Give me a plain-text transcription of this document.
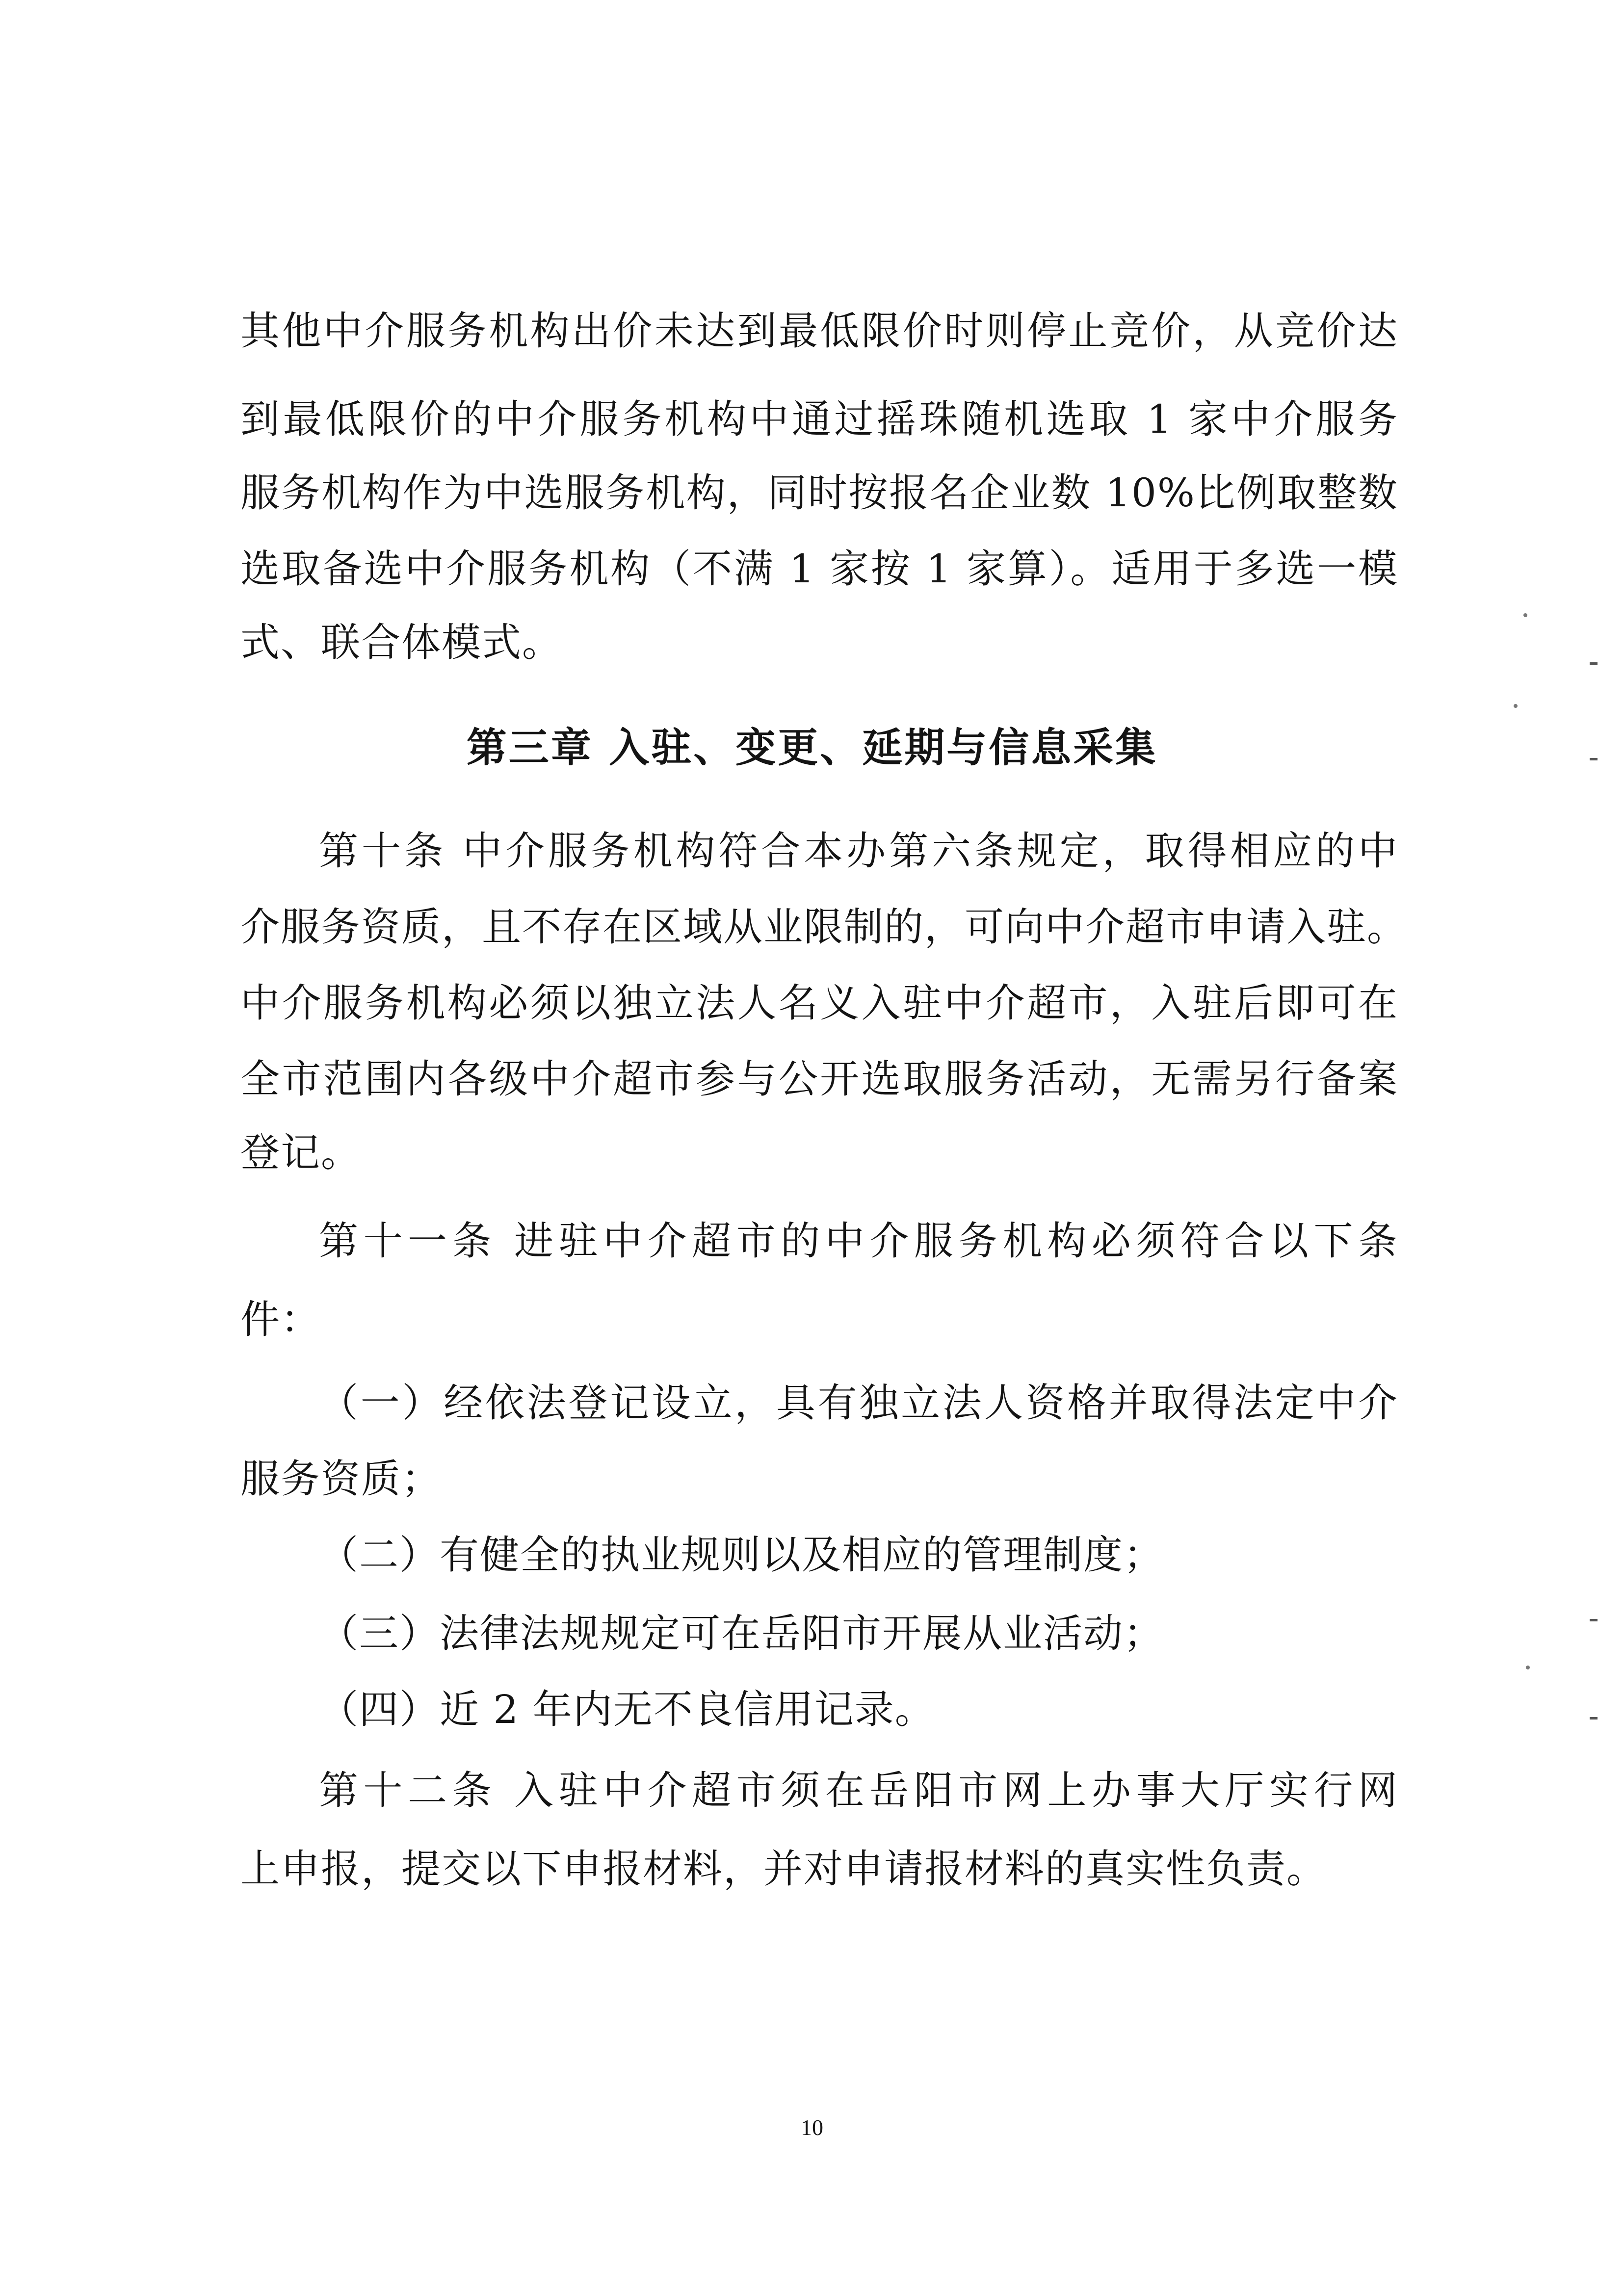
其他中介服务机构出价未达到最低限价时则停止竞价，从竞价达
到最低限价的中介服务机构中通过摇珠随机选取 1 家中介服务
服务机构作为中选服务机构，同时按报名企业数 10%比例取整数
选取备选中介服务机构（不满 1 家按 1 家算）。适用于多选一模
式、联合体模式。
第三章 入驻、变更、延期与信息采集
第十条 中介服务机构符合本办第六条规定，取得相应的中
介服务资质，且不存在区域从业限制的，可向中介超市申请入驻。
中介服务机构必须以独立法人名义入驻中介超市，入驻后即可在
全市范围内各级中介超市参与公开选取服务活动，无需另行备案
登记。
第十一条 进驻中介超市的中介服务机构必须符合以下条
件：
（一）经依法登记设立，具有独立法人资格并取得法定中介
服务资质；
（二）有健全的执业规则以及相应的管理制度；
（三）法律法规规定可在岳阳市开展从业活动；
（四）近 2 年内无不良信用记录。
第十二条 入驻中介超市须在岳阳市网上办事大厅实行网
上申报，提交以下申报材料，并对申请报材料的真实性负责。
10
